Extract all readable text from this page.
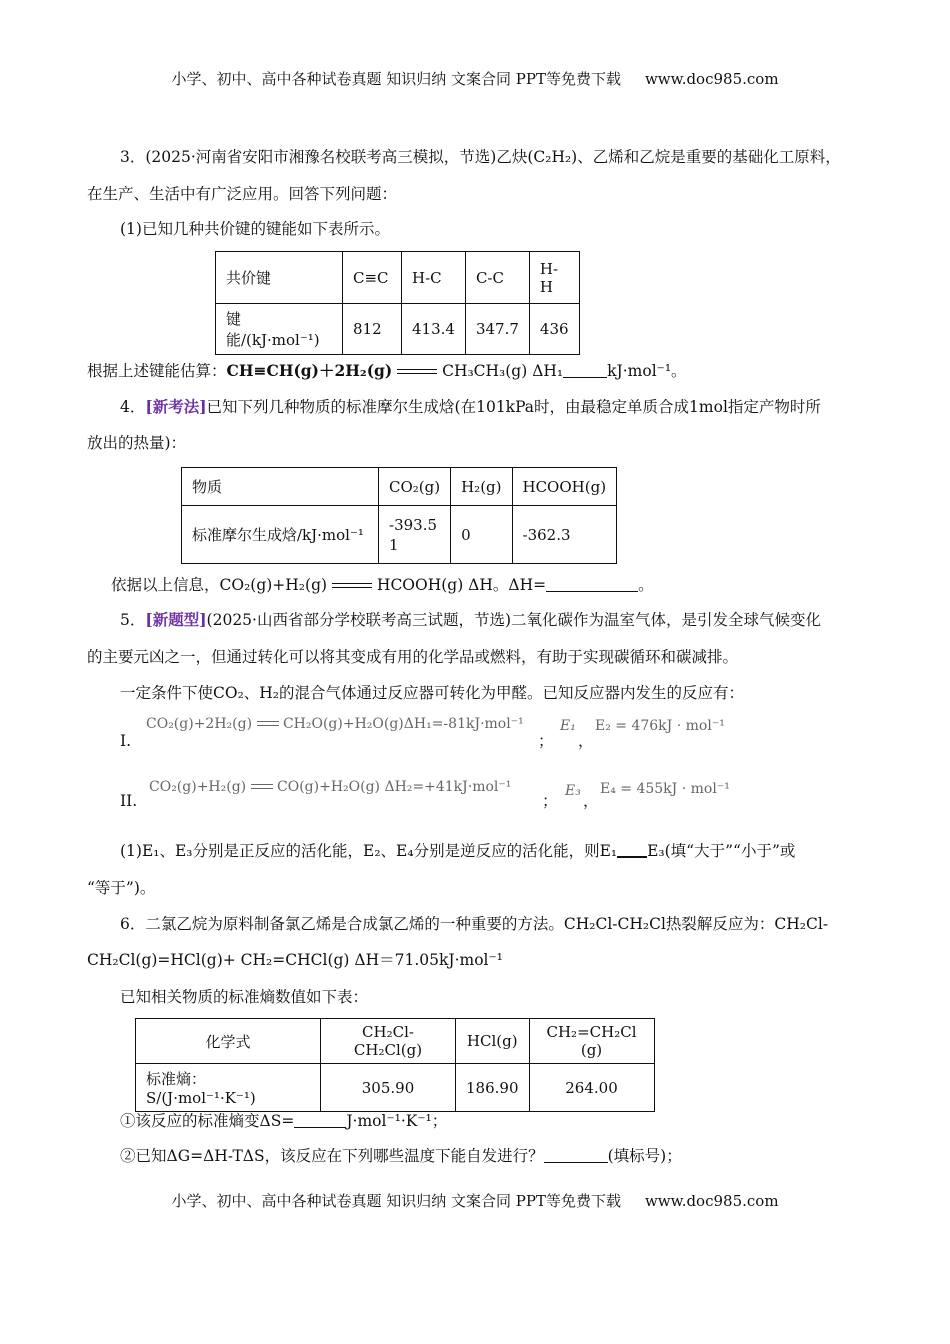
小学、初中、高中各种试卷真题 知识归纳 文案合同 PPT等免费下载 www.doc985.com
3．(2025·河南省安阳市湘豫名校联考高三模拟，节选)乙炔(C₂H₂)、乙烯和乙烷是重要的基础化工原料，
在生产、生活中有广泛应用。回答下列问题：
(1)已知几种共价键的键能如下表所示。
共价键	C≡C	H-C	C-C	H-H
键能/(kJ·mol⁻¹)	812	413.4	347.7	436
根据上述键能估算：CH≡CH(g)＋2H₂(g)	CH₃CH₃(g) ΔH₁	kJ·mol⁻¹。
4．[新考法]已知下列几种物质的标准摩尔生成焓(在101kPa时，由最稳定单质合成1mol指定产物时所
放出的热量)：
物质	CO₂(g)	H₂(g)	HCOOH(g)
标准摩尔生成焓/kJ·mol⁻¹	-393.51	0	-362.3
依据以上信息，CO₂(g)+H₂(g)	HCOOH(g) ΔH。ΔH=	。
5．[新题型](2025·山西省部分学校联考高三试题，节选)二氧化碳作为温室气体，是引发全球气候变化
的主要元凶之一，但通过转化可以将其变成有用的化学品或燃料，有助于实现碳循环和碳减排。
一定条件下使CO₂、H₂的混合气体通过反应器可转化为甲醛。已知反应器内发生的反应有：
I.
CO₂(g)+2H₂(g) CH₂O(g)+H₂O(g)ΔH₁=-81kJ·mol⁻¹
；
E₁
，
E₂ = 476kJ · mol⁻¹
II.
CO₂(g)+H₂(g) CO(g)+H₂O(g) ΔH₂=+41kJ·mol⁻¹
；
E₃
，
E₄ = 455kJ · mol⁻¹
(1)E₁、E₃分别是正反应的活化能，E₂、E₄分别是逆反应的活化能，则E₁ E₃(填“大于”“小于”或
“等于”)。
6．二氯乙烷为原料制备氯乙烯是合成氯乙烯的一种重要的方法。CH₂Cl-CH₂Cl热裂解反应为：CH₂Cl-
CH₂Cl(g)=HCl(g)+ CH₂=CHCl(g) ΔH＝71.05kJ·mol⁻¹
已知相关物质的标准熵数值如下表：
化学式	CH₂Cl-CH₂Cl(g)	HCl(g)	CH₂=CH₂Cl (g)
标准熵：S/(J·mol⁻¹·K⁻¹)	305.90	186.90	264.00
①该反应的标准熵变ΔS=	J·mol⁻¹·K⁻¹；
②已知ΔG=ΔH-TΔS，该反应在下列哪些温度下能自发进行？	(填标号)；
小学、初中、高中各种试卷真题 知识归纳 文案合同 PPT等免费下载 www.doc985.com
